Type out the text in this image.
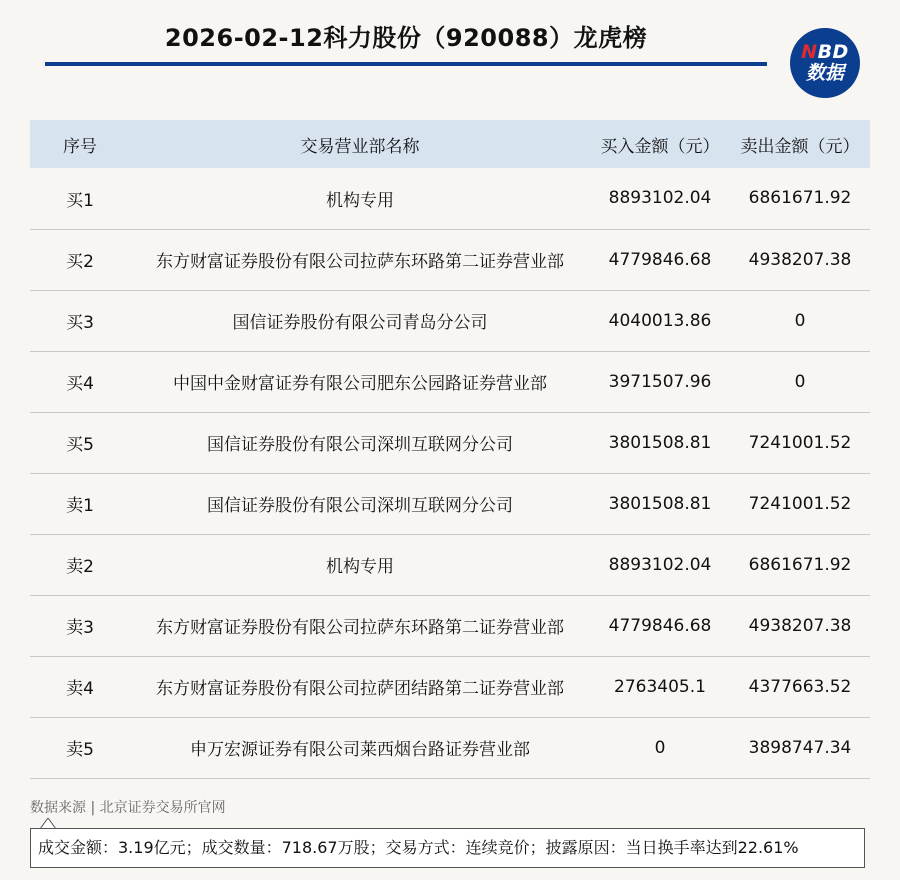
2026-02-12科力股份（920088）龙虎榜	NBD
数据
序号	交易营业部名称	买入金额（元）	卖出金额（元）
买1	机构专用	8893102.04	6861671.92
买2	东方财富证券股份有限公司拉萨东环路第二证券营业部	4779846.68	4938207.38
买3	国信证券股份有限公司青岛分公司	4040013.86	0
买4	中国中金财富证券有限公司肥东公园路证券营业部	3971507.96	0
买5	国信证券股份有限公司深圳互联网分公司	3801508.81	7241001.52
卖1	国信证券股份有限公司深圳互联网分公司	3801508.81	7241001.52
卖2	机构专用	8893102.04	6861671.92
卖3	东方财富证券股份有限公司拉萨东环路第二证券营业部	4779846.68	4938207.38
卖4	东方财富证券股份有限公司拉萨团结路第二证券营业部	2763405.1	4377663.52
卖5	申万宏源证券有限公司莱西烟台路证券营业部	0	3898747.34
数据来源 | 北京证券交易所官网
成交金额：3.19亿元；成交数量：718.67万股；交易方式：连续竞价；披露原因：当日换手率达到22.61%
